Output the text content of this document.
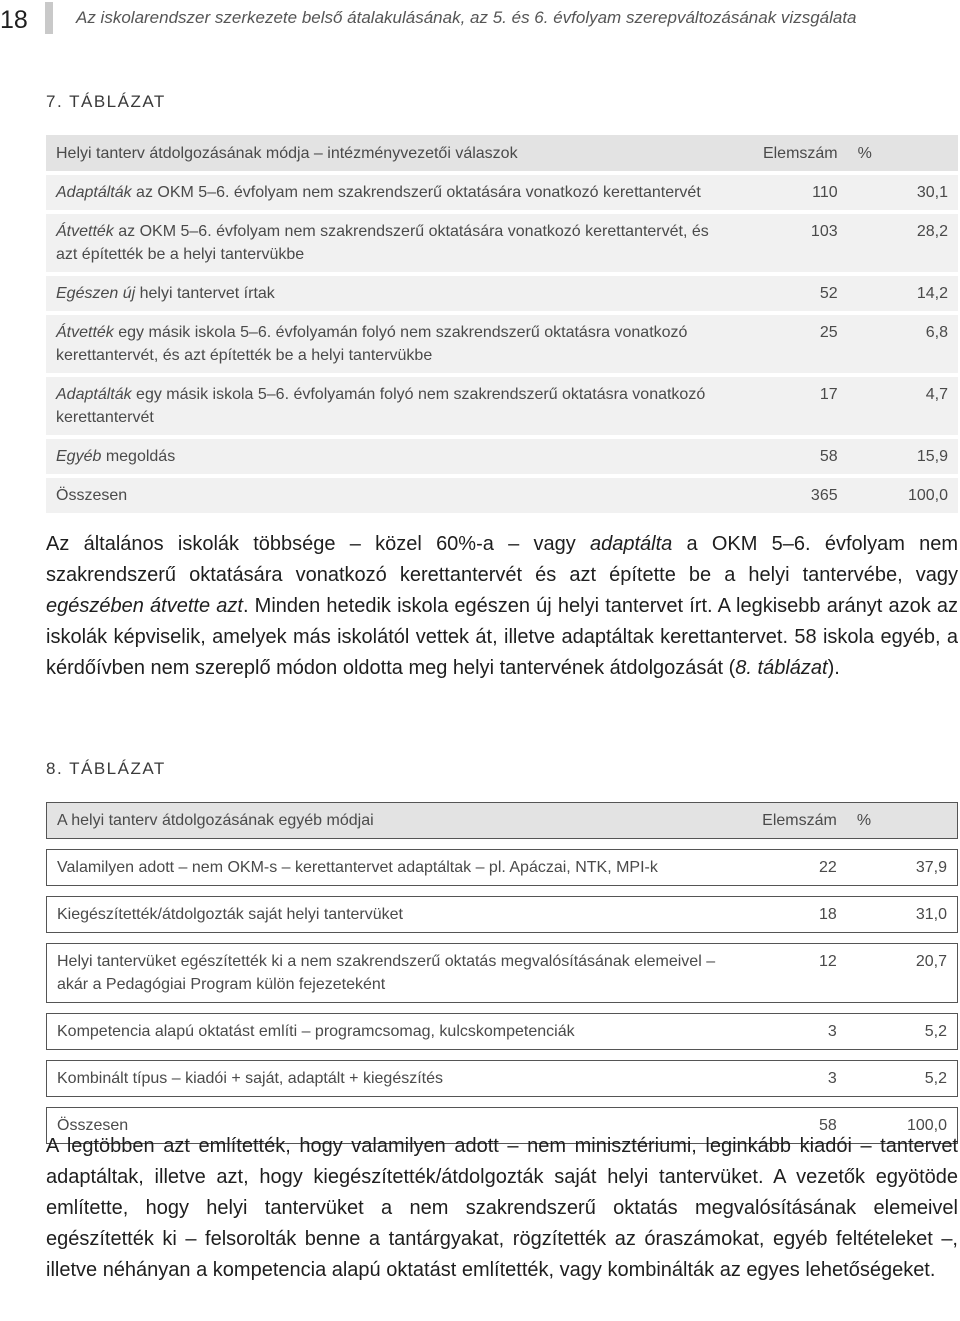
18	Az iskolarendszer szerkezete belső átalakulásának, az 5. és 6. évfolyam szerepváltozásának vizsgálata
7. TÁBLÁZAT
Helyi tanterv átdolgozásának módja – intézményvezetői válaszok	Elemszám	%
Adaptálták az OKM 5–6. évfolyam nem szakrendszerű oktatására vonatkozó kerettantervét	110	30,1
Átvették az OKM 5–6. évfolyam nem szakrendszerű oktatására vonatkozó kerettantervét, és azt építették be a helyi tantervükbe	103	28,2
Egészen új helyi tantervet írtak	52	14,2
Átvették egy másik iskola 5–6. évfolyamán folyó nem szakrendszerű oktatásra vonatkozó kerettantervét, és azt építették be a helyi tantervükbe	25	6,8
Adaptálták egy másik iskola 5–6. évfolyamán folyó nem szakrendszerű oktatásra vonatkozó kerettantervét	17	4,7
Egyéb megoldás	58	15,9
Összesen	365	100,0

Az általános iskolák többsége – közel 60%-a – vagy adaptálta a OKM 5–6. évfolyam nem szakrendszerű oktatására vonatkozó kerettantervét és azt építette be a helyi tantervébe, vagy egészében átvette azt. Minden hetedik iskola egészen új helyi tantervet írt. A legkisebb arányt azok az iskolák képviselik, amelyek más iskolától vettek át, illetve adaptáltak kerettantervet. 58 iskola egyéb, a kérdőívben nem szereplő módon oldotta meg helyi tantervének átdolgozását (8. táblázat).

8. TÁBLÁZAT
A helyi tanterv átdolgozásának egyéb módjai	Elemszám	%

Valamilyen adott – nem OKM-s – kerettantervet adaptáltak – pl. Apáczai, NTK, MPI-k	22	37,9

Kiegészítették/átdolgozták saját helyi tantervüket	18	31,0

Helyi tantervüket egészítették ki a nem szakrendszerű oktatás megvalósításának elemeivel – akár a Pedagógiai Program külön fejezeteként	12	20,7

Kompetencia alapú oktatást említi – programcsomag, kulcskompetenciák	3	5,2

Kombinált típus – kiadói + saját, adaptált + kiegészítés	3	5,2

Összesen	58	100,0

A legtöbben azt említették, hogy valamilyen adott – nem minisztériumi, leginkább kiadói – tantervet adaptáltak, illetve azt, hogy kiegészítették/átdolgozták saját helyi tantervüket. A vezetők egyötöde említette, hogy helyi tantervüket a nem szakrendszerű oktatás megvalósításának elemeivel egészítették ki – felsorolták benne a tantárgyakat, rögzítették az óraszámokat, egyéb feltételeket –, illetve néhányan a kompetencia alapú oktatást említették, vagy kombinálták az egyes lehetőségeket.
